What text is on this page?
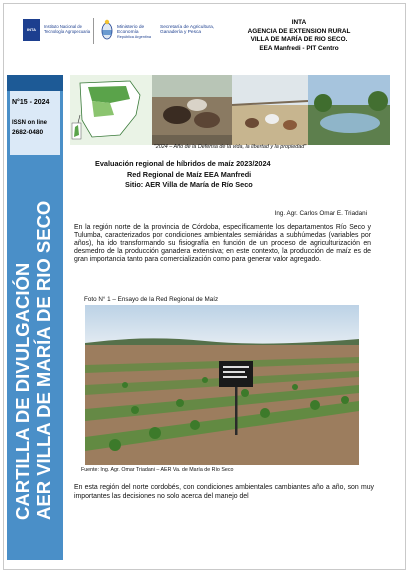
INTA
Instituto Nacional de Tecnología Agropecuaria
Ministerio de Economía
República Argentina
Secretaría de Agricultura, Ganadería y Pesca
INTA
AGENCIA DE EXTENSION RURAL
VILLA DE MARÍA DE RIO SECO.
EEA Manfredi - PIT Centro
N°15 - 2024
ISSN on line
2682-0480
CARTILLA DE DIVULGACIÓN AER VILLA DE MARÍA DE RIO SECO
"2024 – Año de la Defensa de la vida, la libertad y la propiedad"
Evaluación regional de híbridos de maíz 2023/2024
Red Regional de Maíz EEA Manfredi
Sitio: AER Villa de María de Río Seco
Ing. Agr. Carlos Omar E. Triadani
En la región norte de la provincia de Córdoba, específicamente los departamentos Río Seco y Tulumba, caracterizados por condiciones ambientales semiáridas a subhúmedas (variables por años), ha ido transformando su fisiografía en función de un proceso de agriculturización en desmedro de la producción ganadera extensiva; en este contexto, la producción de maíz es de gran importancia tanto para comercialización como para generar valor agregado.
Foto N° 1 – Ensayo de la Red Regional de Maíz
Fuente: Ing. Agr. Omar Triadani – AER Va. de María de Río Seco
En esta región del norte cordobés, con condiciones ambientales cambiantes año a año, son muy importantes las decisiones no solo acerca del manejo del
